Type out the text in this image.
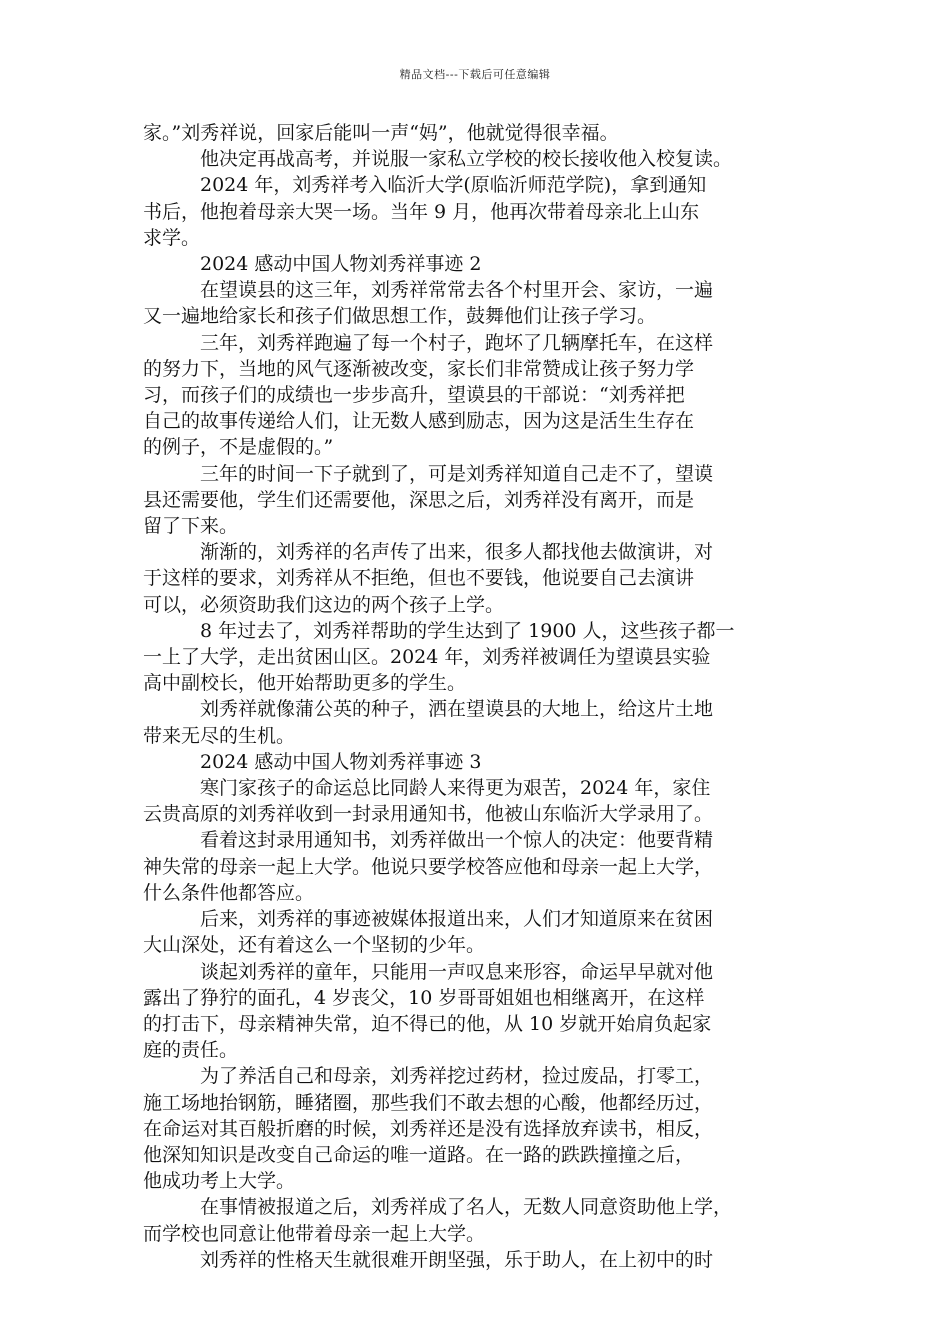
精品文档---下载后可任意编辑

家。”刘秀祥说，回家后能叫一声“妈”，他就觉得很幸福。

他决定再战高考，并说服一家私立学校的校长接收他入校复读。

2024 年，刘秀祥考入临沂大学(原临沂师范学院)，拿到通知

书后，他抱着母亲大哭一场。当年 9 月，他再次带着母亲北上山东

求学。

2024 感动中国人物刘秀祥事迹 2

在望谟县的这三年，刘秀祥常常去各个村里开会、家访，一遍

又一遍地给家长和孩子们做思想工作，鼓舞他们让孩子学习。

三年，刘秀祥跑遍了每一个村子，跑坏了几辆摩托车，在这样

的努力下，当地的风气逐渐被改变，家长们非常赞成让孩子努力学

习，而孩子们的成绩也一步步高升，望谟县的干部说：“刘秀祥把

自己的故事传递给人们，让无数人感到励志，因为这是活生生存在

的例子，不是虚假的。”

三年的时间一下子就到了，可是刘秀祥知道自己走不了，望谟

县还需要他，学生们还需要他，深思之后，刘秀祥没有离开，而是

留了下来。

渐渐的，刘秀祥的名声传了出来，很多人都找他去做演讲，对

于这样的要求，刘秀祥从不拒绝，但也不要钱，他说要自己去演讲

可以，必须资助我们这边的两个孩子上学。

8 年过去了，刘秀祥帮助的学生达到了 1900 人，这些孩子都一

一上了大学，走出贫困山区。2024 年，刘秀祥被调任为望谟县实验

高中副校长，他开始帮助更多的学生。

刘秀祥就像蒲公英的种子，洒在望谟县的大地上，给这片土地

带来无尽的生机。

2024 感动中国人物刘秀祥事迹 3

寒门家孩子的命运总比同龄人来得更为艰苦，2024 年，家住

云贵高原的刘秀祥收到一封录用通知书，他被山东临沂大学录用了。

看着这封录用通知书，刘秀祥做出一个惊人的决定：他要背精

神失常的母亲一起上大学。他说只要学校答应他和母亲一起上大学，

什么条件他都答应。

后来，刘秀祥的事迹被媒体报道出来，人们才知道原来在贫困

大山深处，还有着这么一个坚韧的少年。

谈起刘秀祥的童年，只能用一声叹息来形容，命运早早就对他

露出了狰狞的面孔，4 岁丧父，10 岁哥哥姐姐也相继离开，在这样

的打击下，母亲精神失常，迫不得已的他，从 10 岁就开始肩负起家

庭的责任。

为了养活自己和母亲，刘秀祥挖过药材，捡过废品，打零工，

施工场地抬钢筋，睡猪圈，那些我们不敢去想的心酸，他都经历过，

在命运对其百般折磨的时候，刘秀祥还是没有选择放弃读书，相反，

他深知知识是改变自己命运的唯一道路。在一路的跌跌撞撞之后，

他成功考上大学。

在事情被报道之后，刘秀祥成了名人，无数人同意资助他上学，

而学校也同意让他带着母亲一起上大学。

刘秀祥的性格天生就很难开朗坚强，乐于助人，在上初中的时
